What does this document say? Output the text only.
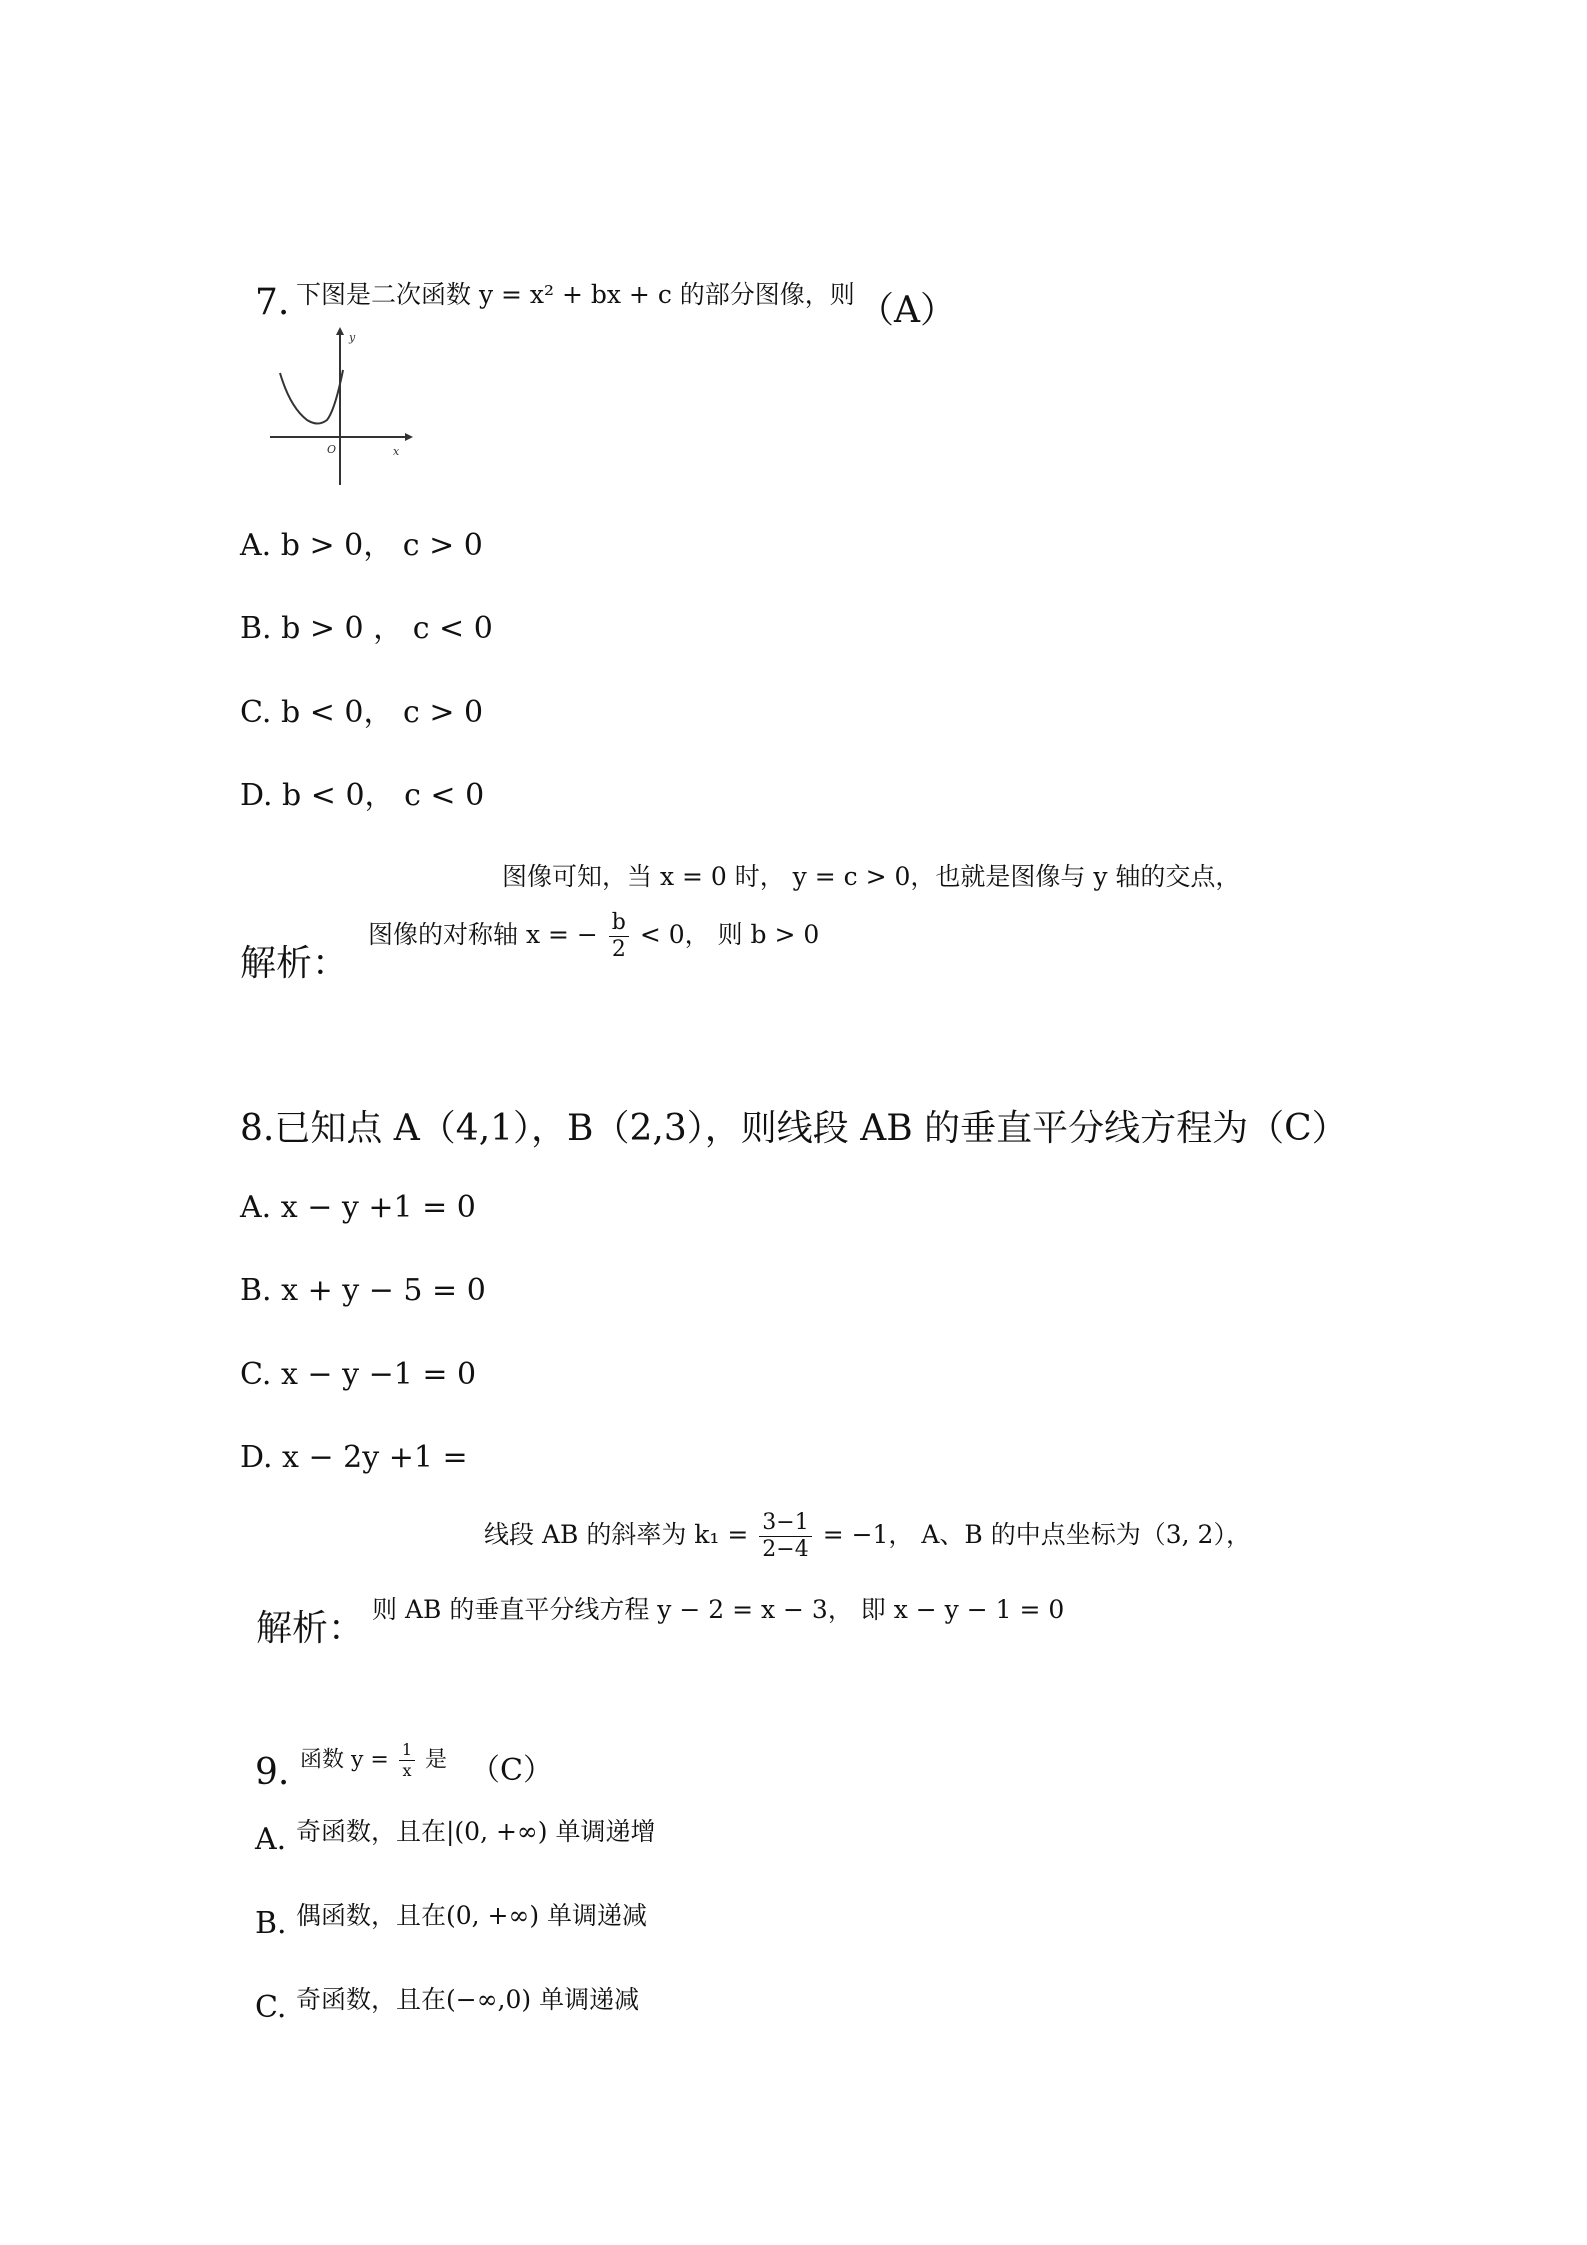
7. 下图是二次函数 y = x² + bx + c 的部分图像，则 （A）
y
x
O
A. b > 0， c > 0
B. b > 0 ， c < 0
C. b < 0， c > 0
D. b < 0， c < 0
图像可知，当 x = 0 时， y = c > 0，也就是图像与 y 轴的交点，
解析：
图像的对称轴 x = − $\frac{b}{2} < 0$， 则 b > 0
8.已知点 A（4,1），B（2,3），则线段 AB 的垂直平分线方程为（C）
A. x − y +1 = 0
B. x + y − 5 = 0
C. x − y −1 = 0
D. x − 2y +1 =
线段 AB 的斜率为 $k_1 = \frac{3-1}{2-4} = -1$， A、B 的中点坐标为（3, 2），
解析： 则 AB 的垂直平分线方程 y − 2 = x − 3， 即 x − y − 1 = 0
9. 函数 $y = \frac{1}{x}$ 是 （C）
A. 奇函数，且在|(0, +∞) 单调递增
B. 偶函数，且在(0, +∞) 单调递减
C. 奇函数，且在(−∞,0) 单调递减
